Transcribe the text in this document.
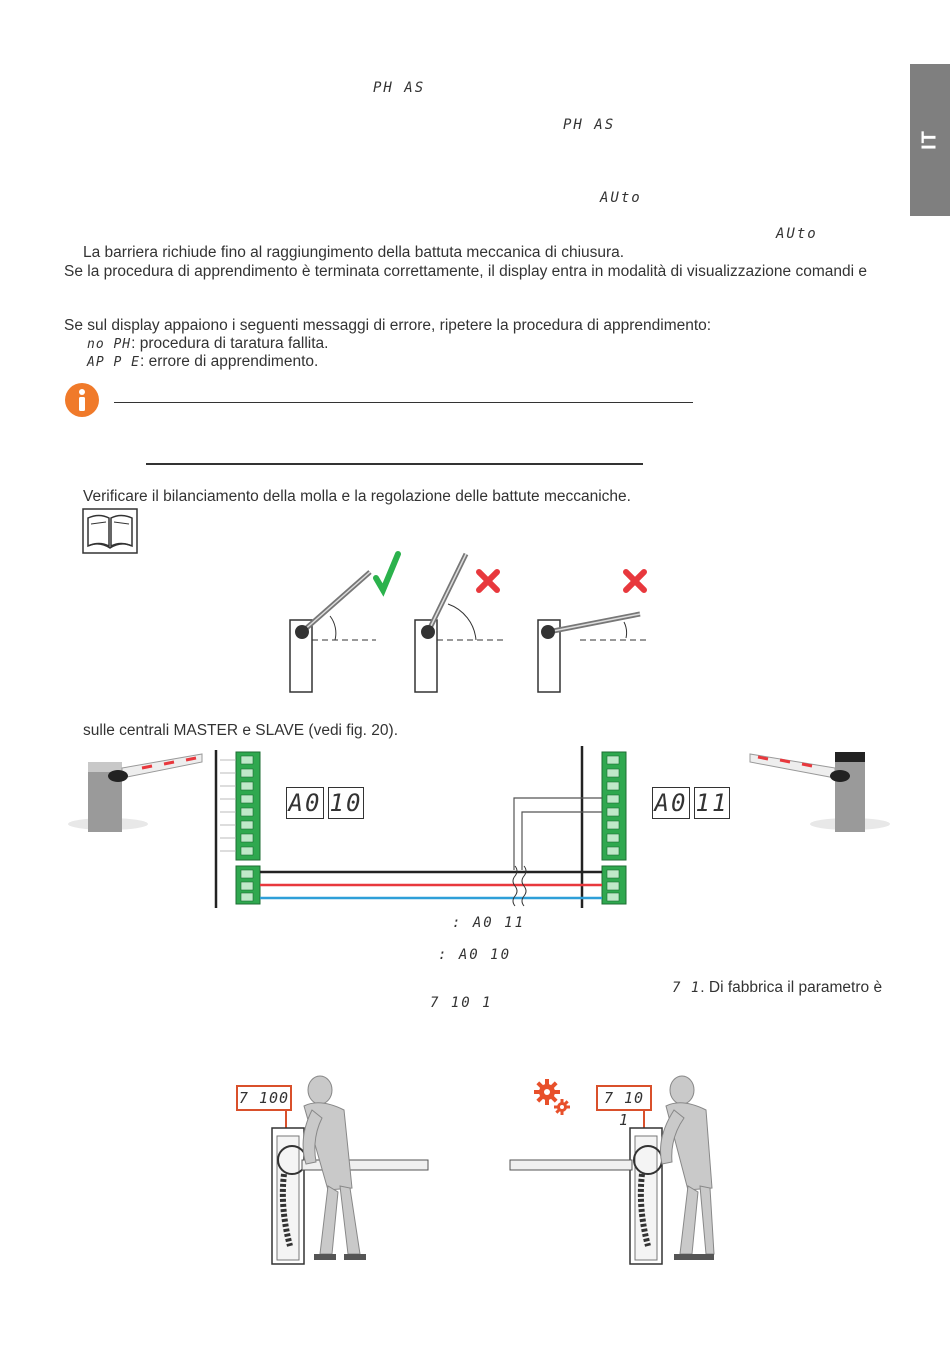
IT
PH AS
PH AS
AUto
AUto
La barriera richiude fino al raggiungimento della battuta meccanica di chiusura.
Se la procedura di apprendimento è terminata correttamente, il display entra in modalità di visualizzazione comandi e
Se sul display appaiono i seguenti messaggi di errore, ripetere la procedura di apprendimento:
no PH: procedura di taratura fallita.
AP P E: errore di apprendimento.
Verificare il bilanciamento della molla e la regolazione delle battute meccaniche.
sulle centrali MASTER e SLAVE (vedi fig. 20).
A0 10	A0 11
: A0 11
: A0 10
7 1. Di fabbrica il parametro è
7 10 1
7 100	7 10 1
